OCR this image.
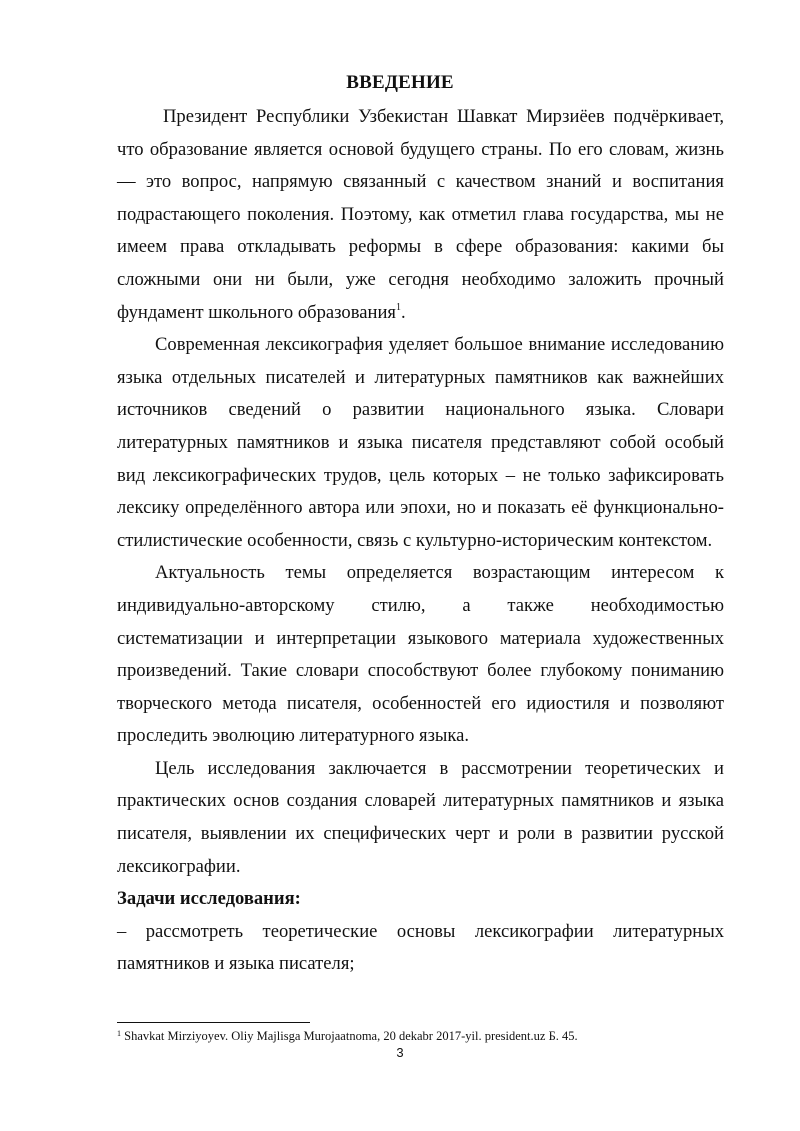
ВВЕДЕНИЕ

Президент Республики Узбекистан Шавкат Мирзиёев подчёркивает, что образование является основой будущего страны. По его словам, жизнь — это вопрос, напрямую связанный с качеством знаний и воспитания подрастающего поколения. Поэтому, как отметил глава государства, мы не имеем права откладывать реформы в сфере образования: какими бы сложными они ни были, уже сегодня необходимо заложить прочный фундамент школьного образования$^1$.

Современная лексикография уделяет большое внимание исследованию языка отдельных писателей и литературных памятников как важнейших источников сведений о развитии национального языка. Словари литературных памятников и языка писателя представляют собой особый вид лексикографических трудов, цель которых – не только зафиксировать лексику определённого автора или эпохи, но и показать её функционально-стилистические особенности, связь с культурно-историческим контекстом.

Актуальность темы определяется возрастающим интересом к индивидуально-авторскому стилю, а также необходимостью систематизации и интерпретации языкового материала художественных произведений. Такие словари способствуют более глубокому пониманию творческого метода писателя, особенностей его идиостиля и позволяют проследить эволюцию литературного языка.

Цель исследования заключается в рассмотрении теоретических и практических основ создания словарей литературных памятников и языка писателя, выявлении их специфических черт и роли в развитии русской лексикографии.

Задачи исследования:

– рассмотреть теоретические основы лексикографии литературных памятников и языка писателя;

$^1$ Shavkat Mirziyoyev. Oliy Majlisga Murojaatnoma, 20 dekabr 2017-yil. president.uz Б. 45.
3
